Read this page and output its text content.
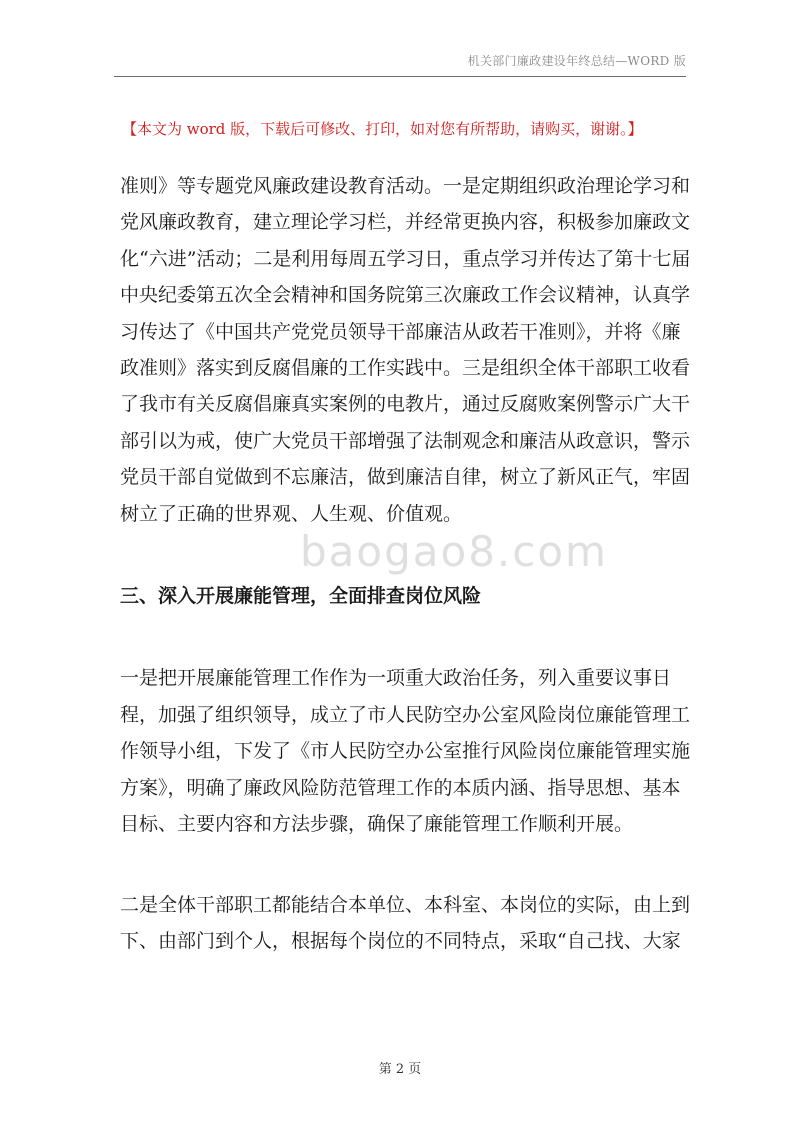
机关部门廉政建设年终总结—WORD 版
【本文为 word 版，下载后可修改、打印，如对您有所帮助，请购买，谢谢。】
baogao8.com

准则》等专题党风廉政建设教育活动。一是定期组织政治理论学习和

党风廉政教育，建立理论学习栏，并经常更换内容，积极参加廉政文

化“六进”活动；二是利用每周五学习日，重点学习并传达了第十七届

中央纪委第五次全会精神和国务院第三次廉政工作会议精神，认真学

习传达了《中国共产党党员领导干部廉洁从政若干准则》，并将《廉

政准则》落实到反腐倡廉的工作实践中。三是组织全体干部职工收看

了我市有关反腐倡廉真实案例的电教片，通过反腐败案例警示广大干

部引以为戒，使广大党员干部增强了法制观念和廉洁从政意识，警示

党员干部自觉做到不忘廉洁，做到廉洁自律，树立了新风正气，牢固

树立了正确的世界观、人生观、价值观。

三、深入开展廉能管理，全面排查岗位风险

一是把开展廉能管理工作作为一项重大政治任务，列入重要议事日

程，加强了组织领导，成立了市人民防空办公室风险岗位廉能管理工

作领导小组，下发了《市人民防空办公室推行风险岗位廉能管理实施

方案》，明确了廉政风险防范管理工作的本质内涵、指导思想、基本

目标、主要内容和方法步骤，确保了廉能管理工作顺利开展。

二是全体干部职工都能结合本单位、本科室、本岗位的实际，由上到

下、由部门到个人，根据每个岗位的不同特点，采取“自己找、大家

第 2 页
